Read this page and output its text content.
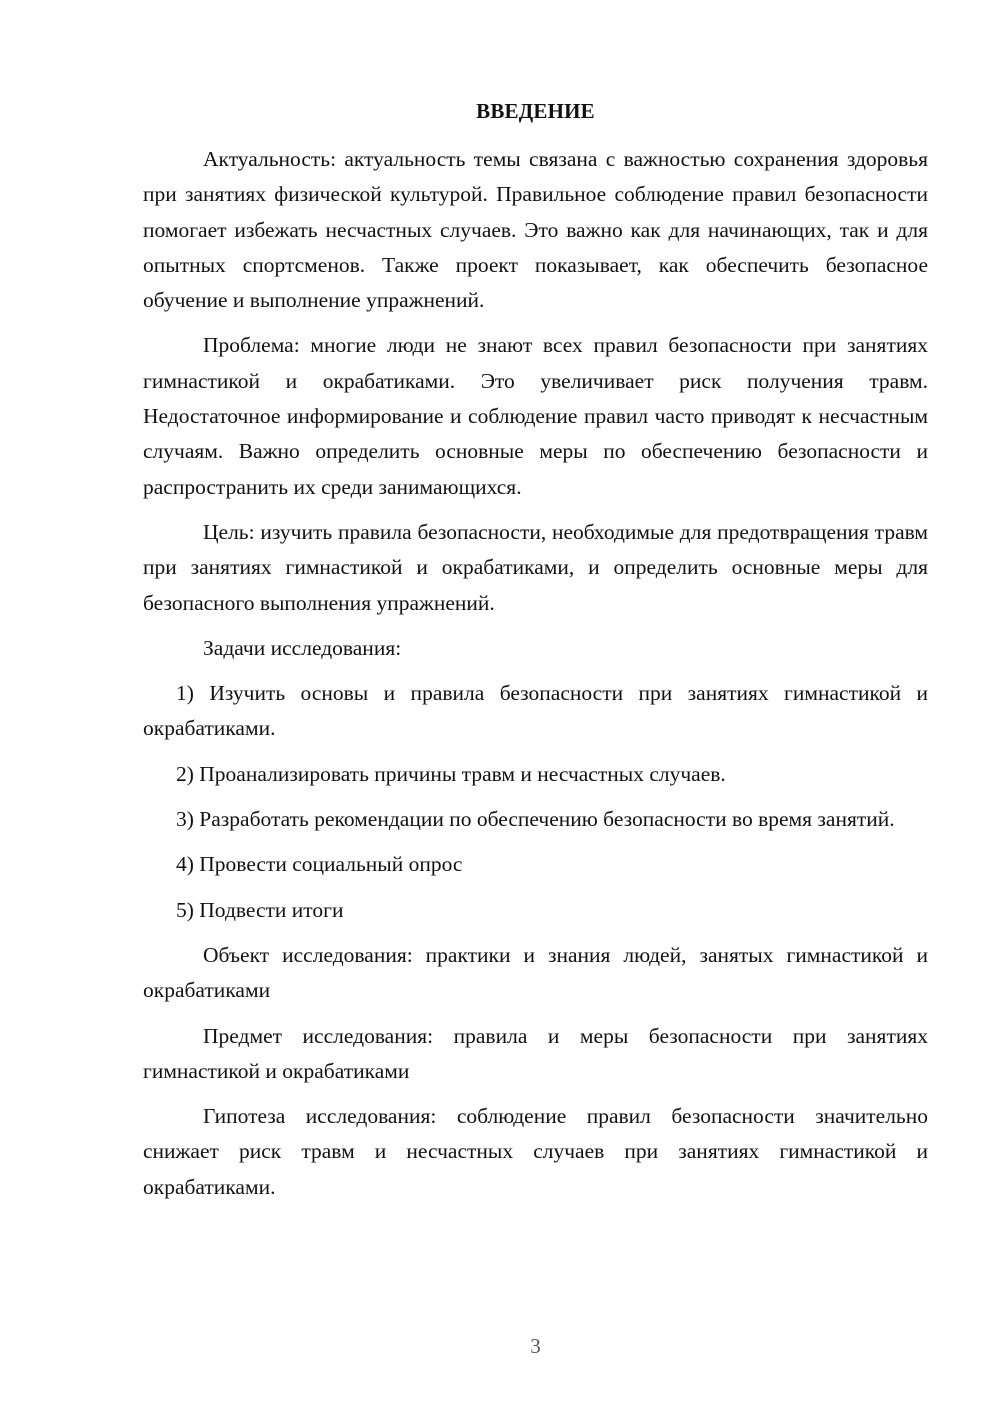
ВВЕДЕНИЕ

Актуальность: актуальность темы связана с важностью сохранения здоровья при занятиях физической культурой. Правильное соблюдение правил безопасности помогает избежать несчастных случаев. Это важно как для начинающих, так и для опытных спортсменов. Также проект показывает, как обеспечить безопасное обучение и выполнение упражнений.

Проблема: многие люди не знают всех правил безопасности при занятиях гимнастикой и окрабатиками. Это увеличивает риск получения травм. Недостаточное информирование и соблюдение правил часто приводят к несчастным случаям. Важно определить основные меры по обеспечению безопасности и распространить их среди занимающихся.

Цель: изучить правила безопасности, необходимые для предотвращения травм при занятиях гимнастикой и окрабатиками, и определить основные меры для безопасного выполнения упражнений.

Задачи исследования:

1) Изучить основы и правила безопасности при занятиях гимнастикой и окрабатиками.

2) Проанализировать причины травм и несчастных случаев.

3) Разработать рекомендации по обеспечению безопасности во время занятий.

4) Провести социальный опрос

5) Подвести итоги

Объект исследования: практики и знания людей, занятых гимнастикой и окрабатиками

Предмет исследования: правила и меры безопасности при занятиях гимнастикой и окрабатиками

Гипотеза исследования: соблюдение правил безопасности значительно снижает риск травм и несчастных случаев при занятиях гимнастикой и окрабатиками.

3
